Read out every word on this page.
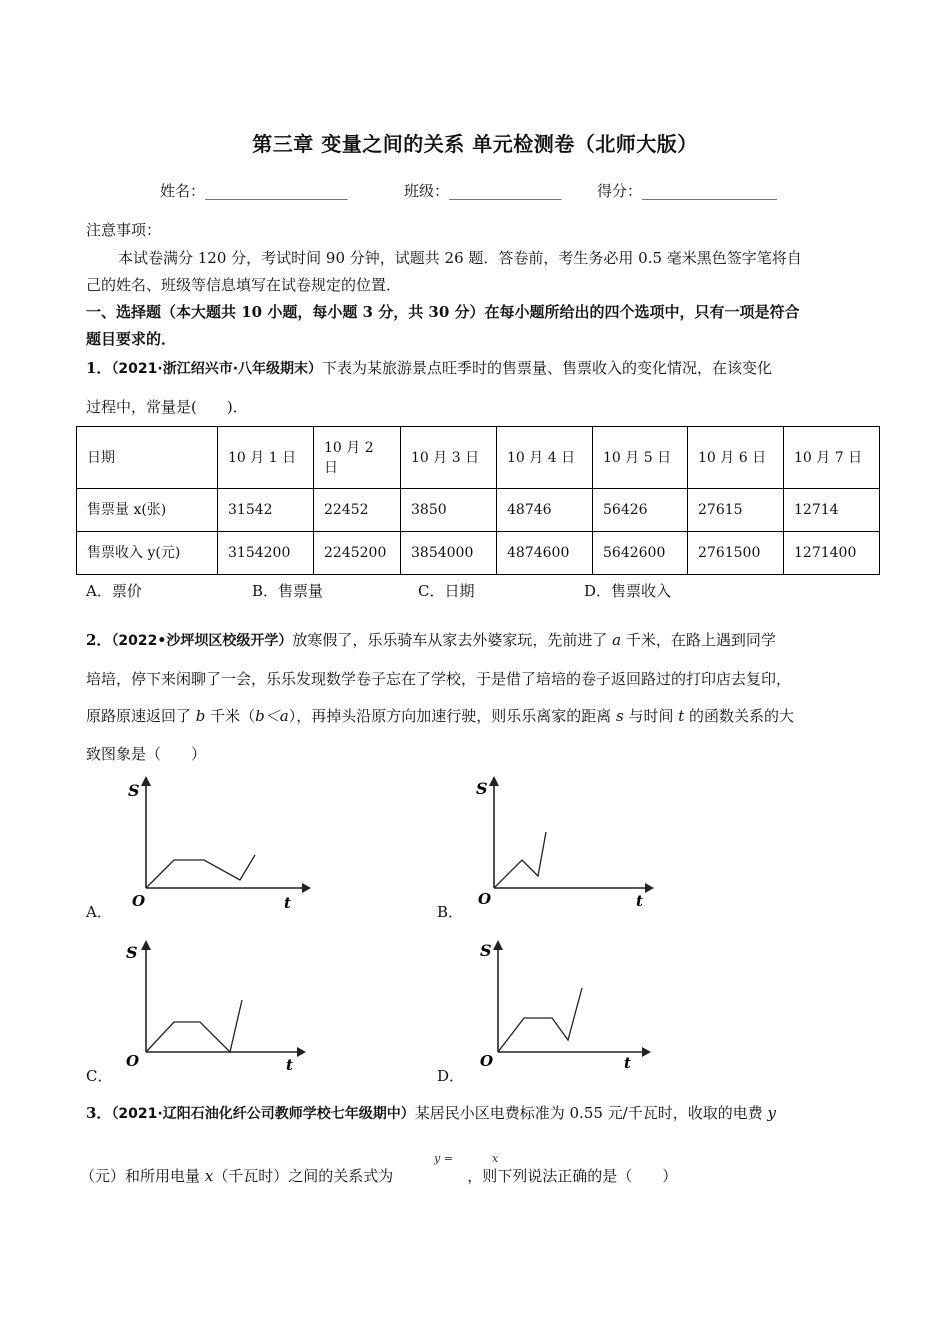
第三章 变量之间的关系 单元检测卷（北师大版）
姓名：___________________	班级：_______________ 得分：__________________
注意事项：
本试卷满分 120 分，考试时间 90 分钟，试题共 26 题．答卷前，考生务必用 0.5 毫米黑色签字笔将自
己的姓名、班级等信息填写在试卷规定的位置．
一、选择题（本大题共 10 小题，每小题 3 分，共 30 分）在每小题所给出的四个选项中，只有一项是符合
题目要求的．
1．（2021·浙江绍兴市·八年级期末）下表为某旅游景点旺季时的售票量、售票收入的变化情况，在该变化
过程中，常量是(　　)．
日期	10 月 1 日	10 月 2 日	10 月 3 日	10 月 4 日	10 月 5 日	10 月 6 日	10 月 7 日
售票量 x(张)	31542	22452	3850	48746	56426	27615	12714
售票收入 y(元)	3154200	2245200	3854000	4874600	5642600	2761500	1271400
A．票价	B．售票量	C．日期	D．售票收入
2．（2022•沙坪坝区校级开学）放寒假了，乐乐骑车从家去外婆家玩，先前进了 a 千米，在路上遇到同学
培培，停下来闲聊了一会，乐乐发现数学卷子忘在了学校，于是借了培培的卷子返回路过的打印店去复印，
原路原速返回了 b 千米（b＜a），再掉头沿原方向加速行驶，则乐乐离家的距离 s 与时间 t 的函数关系的大
致图象是（　　）
S
t
O
A．
S
t
O
B．
S
t
O
C．
S
t
O
D．
3．（2021·辽阳石油化纤公司教师学校七年级期中）某居民小区电费标准为 0.55 元/千瓦时，收取的电费 y
y =	x
（元）和所用电量 x（千瓦时）之间的关系式为	，则下列说法正确的是（　　）
